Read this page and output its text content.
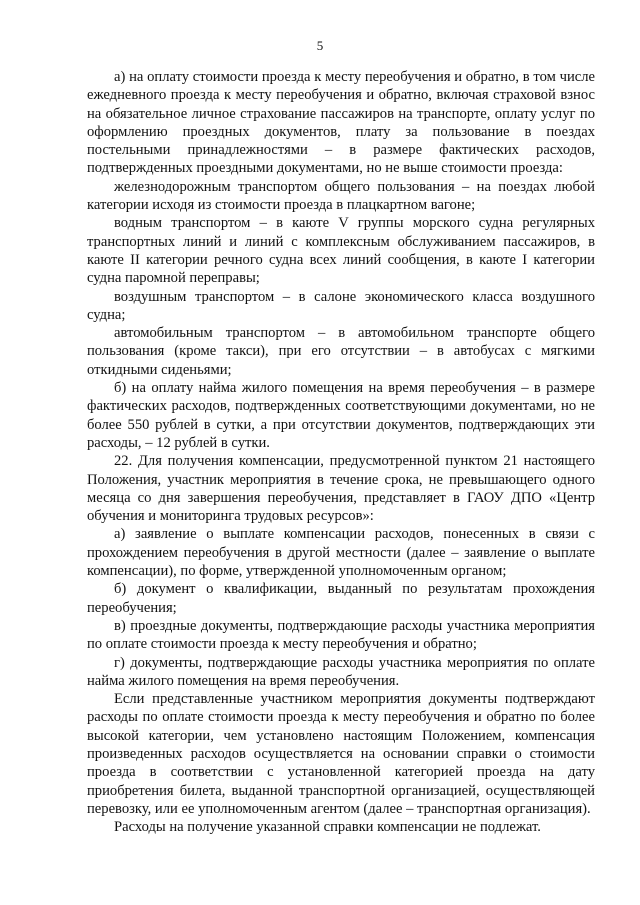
5

а) на оплату стоимости проезда к месту переобучения и обратно, в том числе ежедневного проезда к месту переобучения и обратно, включая страховой взнос на обязательное личное страхование пассажиров на транспорте, оплату услуг по оформлению проездных документов, плату за пользование в поездах постельными принадлежностями – в размере фактических расходов, подтвержденных проездными документами, но не выше стоимости проезда:

железнодорожным транспортом общего пользования – на поездах любой категории исходя из стоимости проезда в плацкартном вагоне;

водным транспортом – в каюте V группы морского судна регулярных транспортных линий и линий с комплексным обслуживанием пассажиров, в каюте II категории речного судна всех линий сообщения, в каюте I категории судна паромной переправы;

воздушным транспортом – в салоне экономического класса воздушного судна;

автомобильным транспортом – в автомобильном транспорте общего пользования (кроме такси), при его отсутствии – в автобусах с мягкими откидными сиденьями;

б) на оплату найма жилого помещения на время переобучения – в размере фактических расходов, подтвержденных соответствующими документами, но не более 550 рублей в сутки, а при отсутствии документов, подтверждающих эти расходы, – 12 рублей в сутки.

22. Для получения компенсации, предусмотренной пунктом 21 настоящего Положения, участник мероприятия в течение срока, не превышающего одного месяца со дня завершения переобучения, представляет в ГАОУ ДПО «Центр обучения и мониторинга трудовых ресурсов»:

а) заявление о выплате компенсации расходов, понесенных в связи с прохождением переобучения в другой местности (далее – заявление о выплате компенсации), по форме, утвержденной уполномоченным органом;

б) документ о квалификации, выданный по результатам прохождения переобучения;

в) проездные документы, подтверждающие расходы участника мероприятия по оплате стоимости проезда к месту переобучения и обратно;

г) документы, подтверждающие расходы участника мероприятия по оплате найма жилого помещения на время переобучения.

Если представленные участником мероприятия документы подтверждают расходы по оплате стоимости проезда к месту переобучения и обратно по более высокой категории, чем установлено настоящим Положением, компенсация произведенных расходов осуществляется на основании справки о стоимости проезда в соответствии с установленной категорией проезда на дату приобретения билета, выданной транспортной организацией, осуществляющей перевозку, или ее уполномоченным агентом (далее – транспортная организация).

Расходы на получение указанной справки компенсации не подлежат.
